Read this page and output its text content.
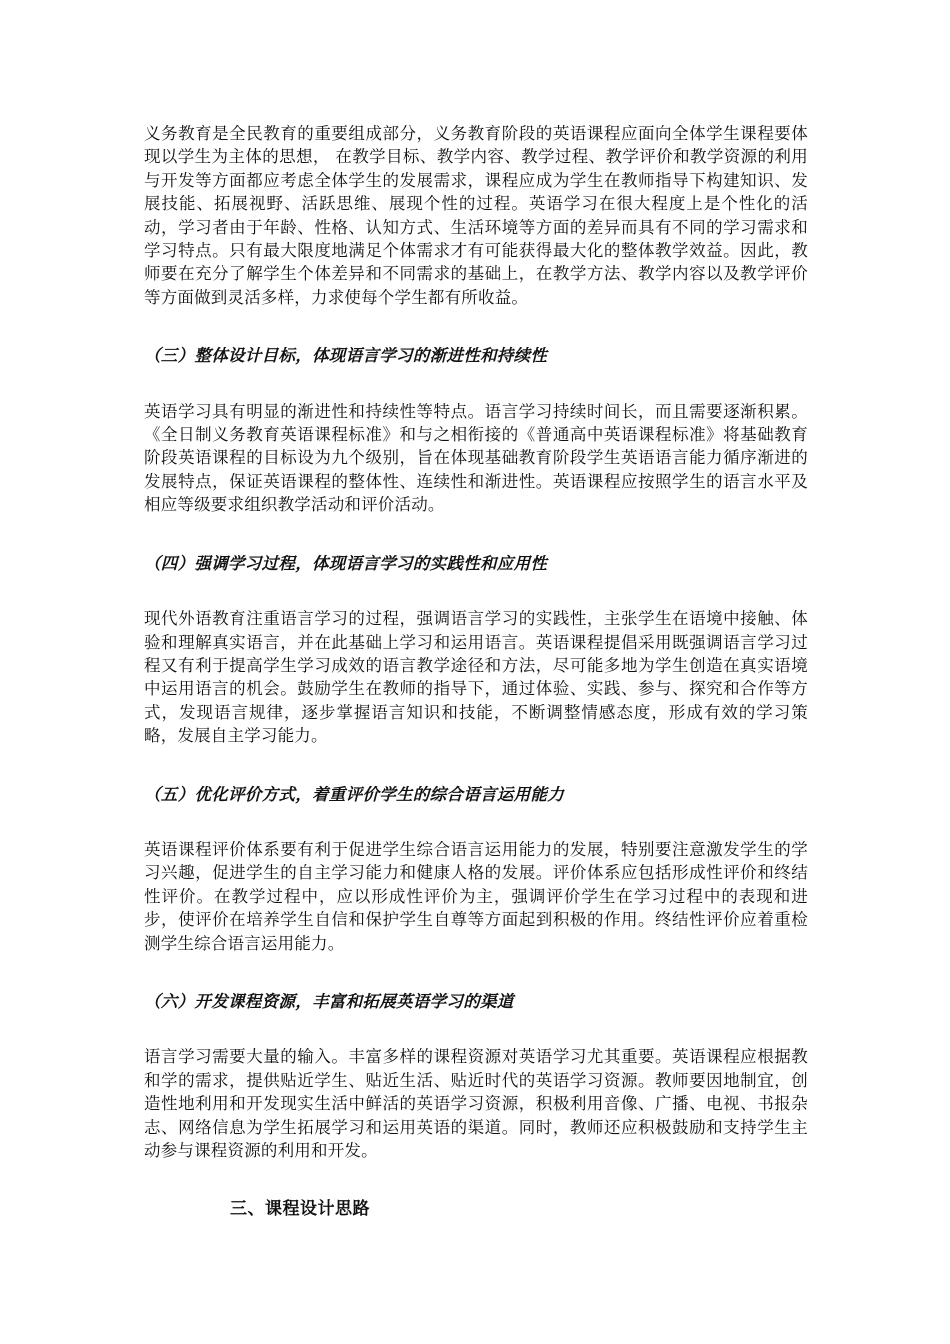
义务教育是全民教育的重要组成部分，义务教育阶段的英语课程应面向全体学生课程要体现以学生为主体的思想， 在教学目标、教学内容、教学过程、教学评价和教学资源的利用与开发等方面都应考虑全体学生的发展需求，课程应成为学生在教师指导下构建知识、发展技能、拓展视野、活跃思维、展现个性的过程。英语学习在很大程度上是个性化的活动，学习者由于年龄、性格、认知方式、生活环境等方面的差异而具有不同的学习需求和学习特点。只有最大限度地满足个体需求才有可能获得最大化的整体教学效益。因此，教师要在充分了解学生个体差异和不同需求的基础上，在教学方法、教学内容以及教学评价等方面做到灵活多样，力求使每个学生都有所收益。

（三）整体设计目标，体现语言学习的渐进性和持续性

英语学习具有明显的渐进性和持续性等特点。语言学习持续时间长，而且需要逐渐积累。《全日制义务教育英语课程标准》和与之相衔接的《普通高中英语课程标准》将基础教育阶段英语课程的目标设为九个级别，旨在体现基础教育阶段学生英语语言能力循序渐进的发展特点，保证英语课程的整体性、连续性和渐进性。英语课程应按照学生的语言水平及相应等级要求组织教学活动和评价活动。

（四）强调学习过程，体现语言学习的实践性和应用性

现代外语教育注重语言学习的过程，强调语言学习的实践性，主张学生在语境中接触、体验和理解真实语言，并在此基础上学习和运用语言。英语课程提倡采用既强调语言学习过程又有利于提高学生学习成效的语言教学途径和方法，尽可能多地为学生创造在真实语境中运用语言的机会。鼓励学生在教师的指导下，通过体验、实践、参与、探究和合作等方式，发现语言规律，逐步掌握语言知识和技能，不断调整情感态度，形成有效的学习策略，发展自主学习能力。

（五）优化评价方式，着重评价学生的综合语言运用能力

英语课程评价体系要有利于促进学生综合语言运用能力的发展，特别要注意激发学生的学习兴趣，促进学生的自主学习能力和健康人格的发展。评价体系应包括形成性评价和终结性评价。在教学过程中，应以形成性评价为主，强调评价学生在学习过程中的表现和进步，使评价在培养学生自信和保护学生自尊等方面起到积极的作用。终结性评价应着重检测学生综合语言运用能力。

（六）开发课程资源，丰富和拓展英语学习的渠道

语言学习需要大量的输入。丰富多样的课程资源对英语学习尤其重要。英语课程应根据教和学的需求，提供贴近学生、贴近生活、贴近时代的英语学习资源。教师要因地制宜，创造性地利用和开发现实生活中鲜活的英语学习资源，积极利用音像、广播、电视、书报杂志、网络信息为学生拓展学习和运用英语的渠道。同时，教师还应积极鼓励和支持学生主动参与课程资源的利用和开发。

三、课程设计思路
